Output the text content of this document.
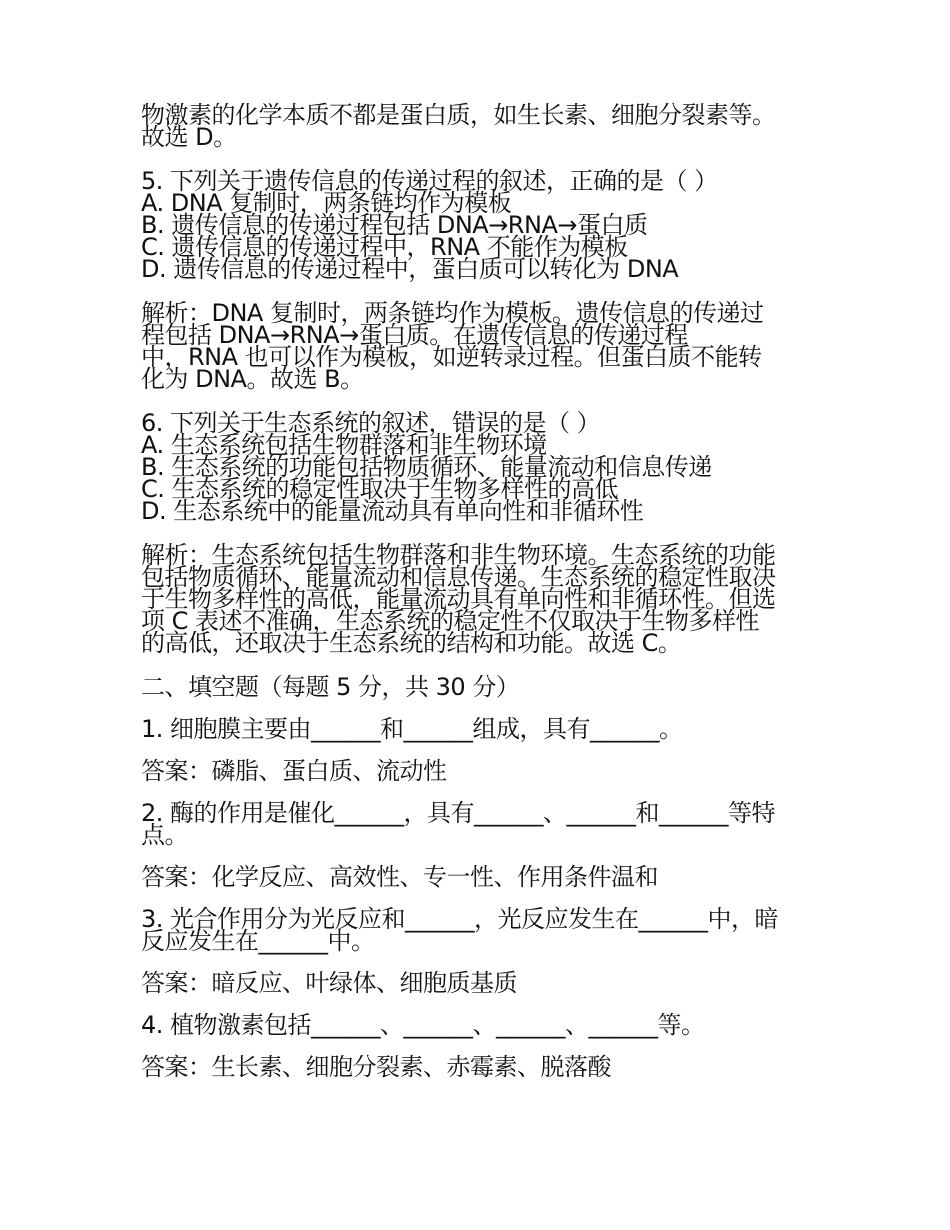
物激素的化学本质不都是蛋白质，如生长素、细胞分裂素等。
故选 D。
5. 下列关于遗传信息的传递过程的叙述，正确的是（ ）
A. DNA 复制时，两条链均作为模板
B. 遗传信息的传递过程包括 DNA→RNA→蛋白质
C. 遗传信息的传递过程中，RNA 不能作为模板
D. 遗传信息的传递过程中，蛋白质可以转化为 DNA
解析：DNA 复制时，两条链均作为模板。遗传信息的传递过
程包括 DNA→RNA→蛋白质。在遗传信息的传递过程
中，RNA 也可以作为模板，如逆转录过程。但蛋白质不能转
化为 DNA。故选 B。
6. 下列关于生态系统的叙述，错误的是（ ）
A. 生态系统包括生物群落和非生物环境
B. 生态系统的功能包括物质循环、能量流动和信息传递
C. 生态系统的稳定性取决于生物多样性的高低
D. 生态系统中的能量流动具有单向性和非循环性
解析：生态系统包括生物群落和非生物环境。生态系统的功能
包括物质循环、能量流动和信息传递。生态系统的稳定性取决
于生物多样性的高低，能量流动具有单向性和非循环性。但选
项 C 表述不准确，生态系统的稳定性不仅取决于生物多样性
的高低，还取决于生态系统的结构和功能。故选 C。
二、填空题（每题 5 分，共 30 分）
1. 细胞膜主要由______和______组成，具有______。
答案：磷脂、蛋白质、流动性
2. 酶的作用是催化______，具有______、______和______等特
点。
答案：化学反应、高效性、专一性、作用条件温和
3. 光合作用分为光反应和______，光反应发生在______中，暗
反应发生在______中。
答案：暗反应、叶绿体、细胞质基质
4. 植物激素包括______、______、______、______等。
答案：生长素、细胞分裂素、赤霉素、脱落酸
